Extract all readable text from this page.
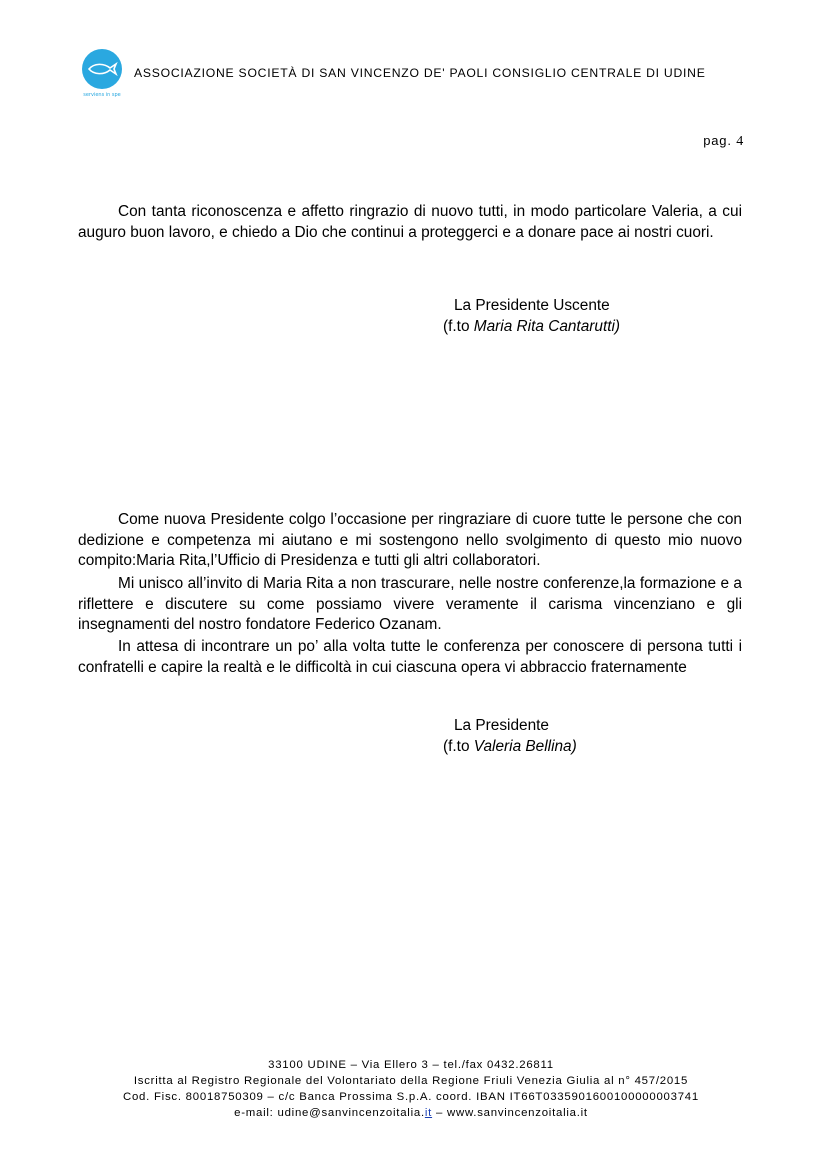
serviens in spe
ASSOCIAZIONE SOCIETÀ DI SAN VINCENZO DE' PAOLI CONSIGLIO CENTRALE DI UDINE
pag. 4

Con tanta riconoscenza e affetto ringrazio di nuovo tutti, in modo particolare Valeria, a cui auguro buon lavoro, e chiedo a Dio che continui a proteggerci e a donare pace ai nostri cuori.

La Presidente Uscente
(f.to Maria Rita Cantarutti)

Come nuova Presidente colgo l’occasione per ringraziare di cuore tutte le persone che con dedizione e competenza mi aiutano e mi sostengono nello svolgimento di questo mio nuovo compito:Maria Rita,l’Ufficio di Presidenza e tutti gli altri collaboratori.

Mi unisco all’invito di Maria Rita a non trascurare, nelle nostre conferenze,la formazione e a riflettere e discutere su come possiamo vivere veramente il carisma vincenziano e gli insegnamenti del nostro fondatore Federico Ozanam.

In attesa di incontrare un po’ alla volta tutte le conferenza per conoscere di persona tutti i confratelli e capire la realtà e le difficoltà in cui ciascuna opera vi abbraccio fraternamente

La Presidente
(f.to Valeria Bellina)
33100 UDINE – Via Ellero 3 – tel./fax 0432.26811
Iscritta al Registro Regionale del Volontariato della Regione Friuli Venezia Giulia al n° 457/2015
Cod. Fisc. 80018750309 – c/c Banca Prossima S.p.A. coord. IBAN IT66T0335901600100000003741
e-mail: udine@sanvincenzoitalia.it – www.sanvincenzoitalia.it
